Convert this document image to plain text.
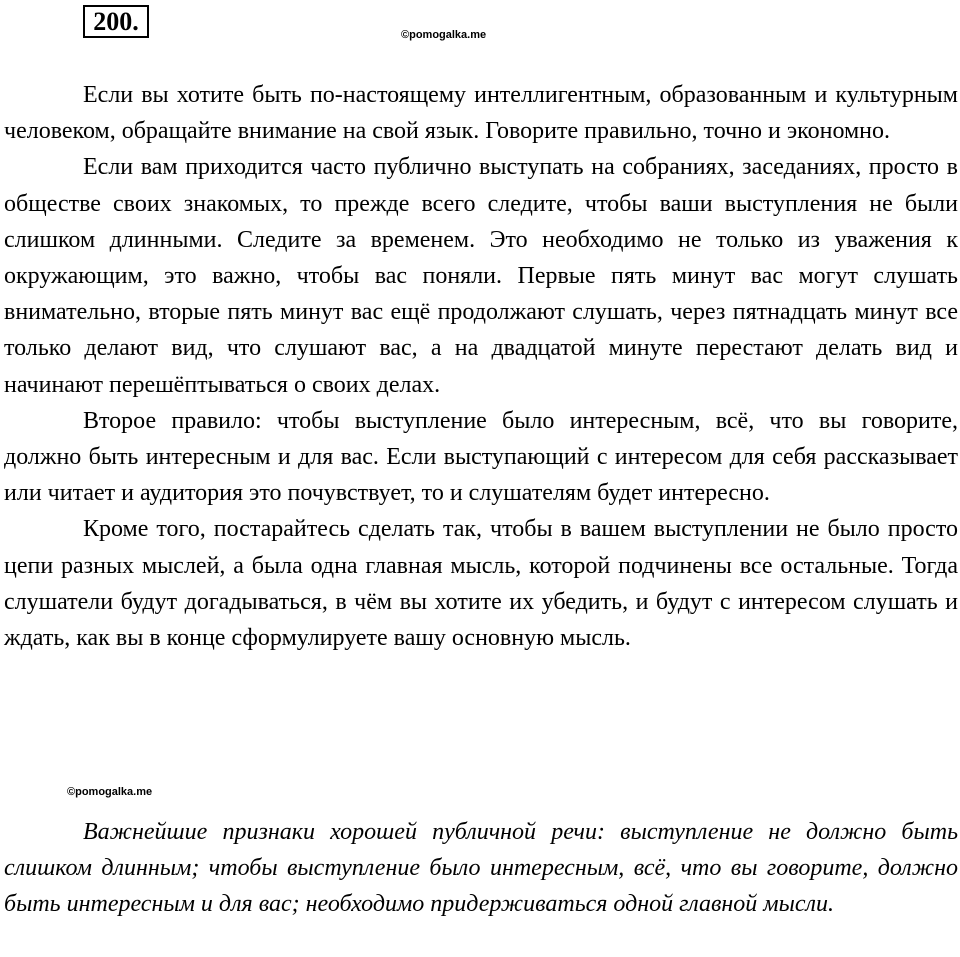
200.	©pomogalka.me

Если вы хотите быть по-настоящему интеллигентным, образованным и культурным человеком, обращайте внимание на свой язык. Говорите правильно, точно и экономно.

Если вам приходится часто публично выступать на собраниях, заседаниях, просто в обществе своих знакомых, то прежде всего следите, чтобы ваши выступления не были слишком длинными. Следите за временем. Это необходимо не только из уважения к окружающим, это важно, чтобы вас поняли. Первые пять минут вас могут слушать внимательно, вторые пять минут вас ещё продолжают слушать, через пятнадцать минут все только делают вид, что слушают вас, а на двадцатой минуте перестают делать вид и начинают перешёптываться о своих делах.

Второе правило: чтобы выступление было интересным, всё, что вы говорите, должно быть интересным и для вас. Если выступающий с интересом для себя рассказывает или читает и аудитория это почувствует, то и слушателям будет интересно.

Кроме того, постарайтесь сделать так, чтобы в вашем выступлении не было просто цепи разных мыслей, а была одна главная мысль, которой подчинены все остальные. Тогда слушатели будут догадываться, в чём вы хотите их убедить, и будут с интересом слушать и ждать, как вы в конце сформулируете вашу основную мысль.

©pomogalka.me

Важнейшие признаки хорошей публичной речи: выступление не должно быть слишком длинным; чтобы выступление было интересным, всё, что вы говорите, должно быть интересным и для вас; необходимо придерживаться одной главной мысли.
